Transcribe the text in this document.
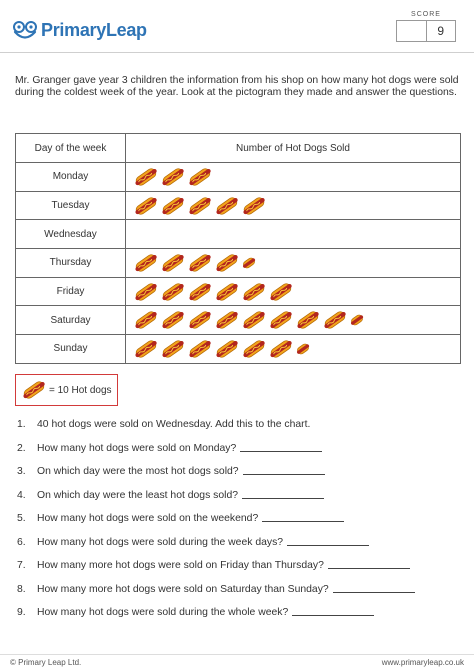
PrimaryLeap
SCORE
9

Mr. Granger gave year 3 children the information from his shop on how many hot dogs were sold during the coldest week of the year. Look at the pictogram they made and answer the questions.

Day of the week	Number of Hot Dogs Sold
Monday	

Tuesday	

Wednesday	

Thursday	

Friday	

Saturday	

Sunday	
= 10 Hot dogs
1.	40 hot dogs were sold on Wednesday. Add this to the chart.
2.	How many hot dogs were sold on Monday?
3.	On which day were the most hot dogs sold?
4.	On which day were the least hot dogs sold?
5.	How many hot dogs were sold on the weekend?
6.	How many hot dogs were sold during the week days?
7.	How many more hot dogs were sold on Friday than Thursday?
8.	How many more hot dogs were sold on Saturday than Sunday?
9.	How many hot dogs were sold during the whole week?
© Primary Leap Ltd.	www.primaryleap.co.uk
